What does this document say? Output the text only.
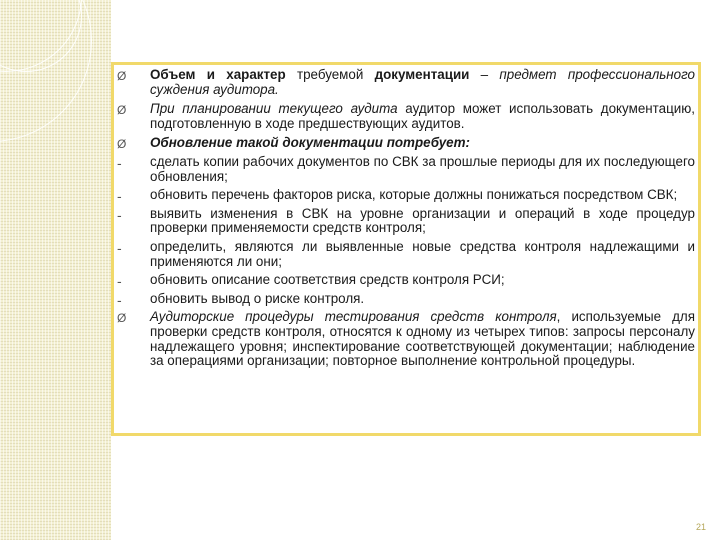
Ø	Объем и характер требуемой документации – предмет профессионального суждения аудитора.
Ø	При планировании текущего аудита аудитор может использовать документацию, подготовленную в ходе предшествующих аудитов.
Ø	Обновление такой документации потребует:
-	сделать копии рабочих документов по СВК за прошлые периоды для их последующего обновления;
-	обновить перечень факторов риска, которые должны понижаться посредством СВК;
-	выявить изменения в СВК на уровне организации и операций в ходе процедур проверки применяемости средств контроля;
-	определить, являются ли выявленные новые средства контроля надлежащими и применяются ли они;
-	обновить описание соответствия средств контроля РСИ;
-	обновить вывод о риске контроля.
Ø	Аудиторские процедуры тестирования средств контроля, используемые для проверки средств контроля, относятся к одному из четырех типов: запросы персоналу надлежащего уровня; инспектирование соответствующей документации; наблюдение за операциями организации; повторное выполнение контрольной процедуры.
21
